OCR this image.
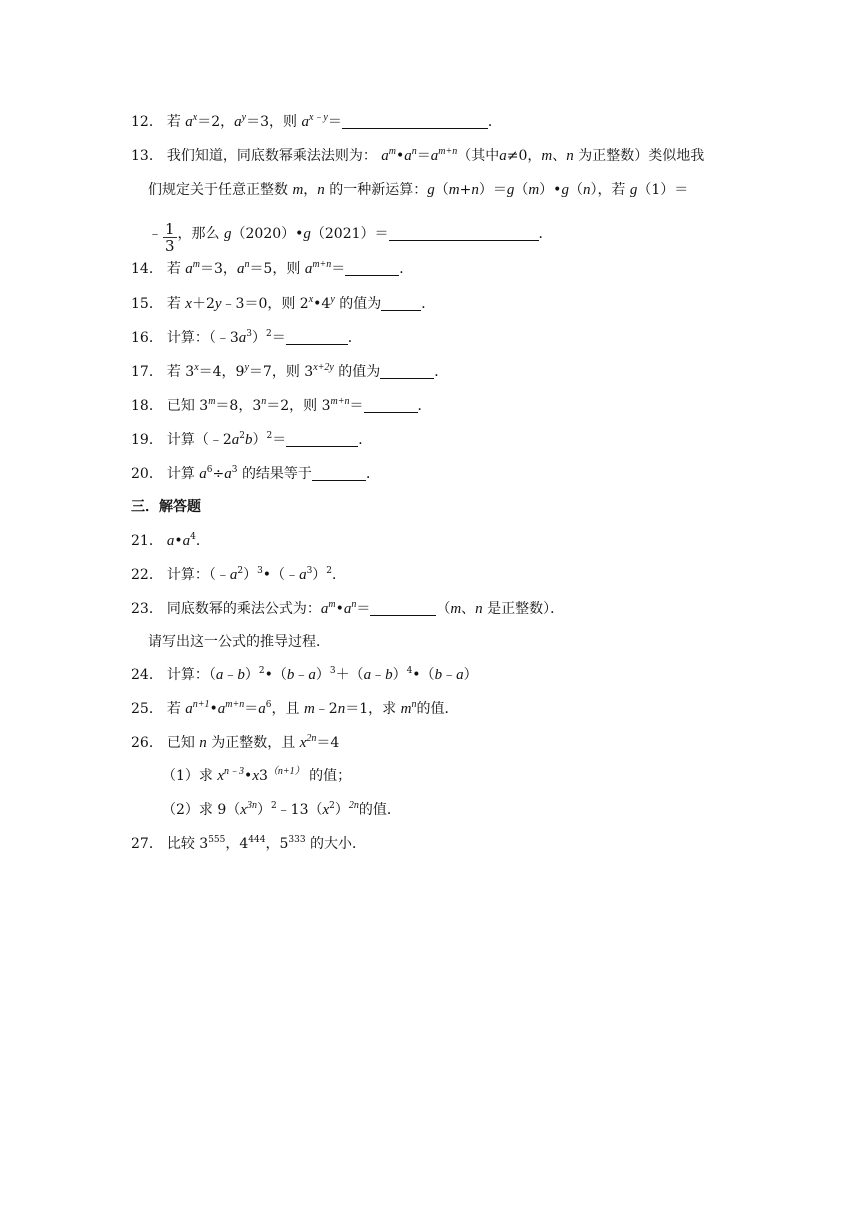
12． 若 $a^x=2$，$a^y=3$，则 $a^{x﹣y}=$	．
13． 我们知道，同底数幂乘法法则为： $a^m•a^n=a^{m+n}$（其中a≠0，m、n 为正整数）类似地我
们规定关于任意正整数 m，n 的一种新运算：g（m+n）＝g（m）•g（n），若 g（1）＝
﹣ $\frac{1}{3}$ ，那么 g（2020）•g（2021）＝	．
14． 若 $a^m=3$，$a^n=5$，则 $a^{m+n}=$	．
15． 若 x＋2y﹣3＝0，则 2$^x$•4$^y$ 的值为	．
16． 计算：$(﹣3a^3)^2=$	．
17． 若 $3^x=4$，$9^y=7$，则 $3^{x+2y}$ 的值为	．
18． 已知 $3^m=8$，$3^n=2$，则 $3^{m+n}=$	．
19． 计算$(﹣2a^2b)^2=$	．
20． 计算 $a^6\div a^3$ 的结果等于	．
三．解答题
21． $a•a^4$．
22． 计算：$(﹣a^2)^3•(﹣a^3)^2$．
23． 同底数幂的乘法公式为：$a^m•a^n=$	（m、n 是正整数）．
请写出这一公式的推导过程．
24． 计算：（a﹣b）$^2$•（b﹣a）$^3$＋（a﹣b）$^4$•（b﹣a）
25． 若 $a^{n+1}•a^{m+n}=a^6$，且 m﹣2n＝1，求 $m^n$的值．
26． 已知 n 为正整数，且 $x^{2n}=4$
（1）求 $x^{n﹣3}•x3^{(n+1)}$ 的值；
（2）求 $9(x^{3n})^2﹣13(x^2)^{2n}$的值．
27． 比较 $3^{555}$，$4^{444}$，$5^{333}$ 的大小．
